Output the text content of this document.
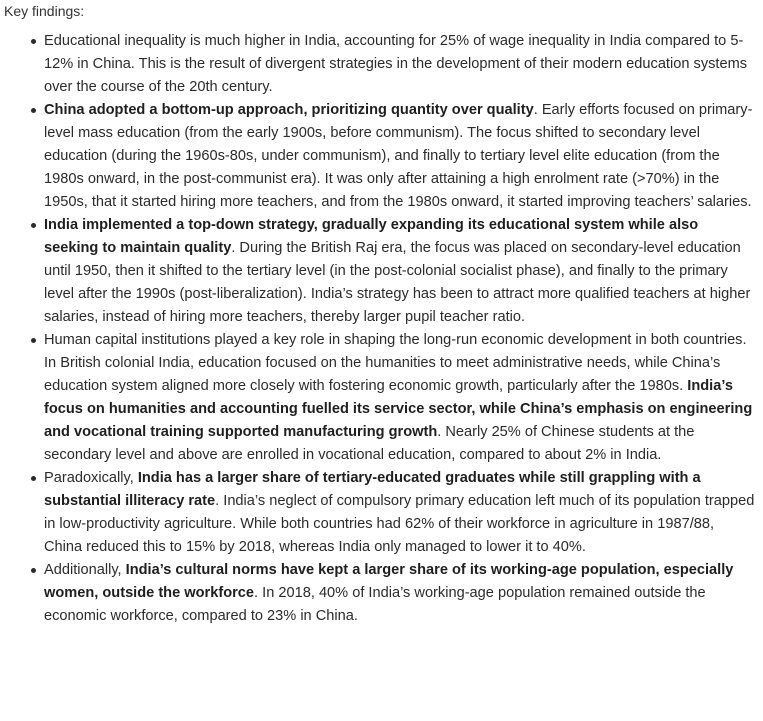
Key findings:

Educational inequality is much higher in India, accounting for 25% of wage inequality in India compared to 5-12% in China. This is the result of divergent strategies in the development of their modern education systems over the course of the 20th century.
China adopted a bottom-up approach, prioritizing quantity over quality. Early efforts focused on primary-level mass education (from the early 1900s, before communism). The focus shifted to secondary level education (during the 1960s-80s, under communism), and finally to tertiary level elite education (from the 1980s onward, in the post-communist era). It was only after attaining a high enrolment rate (>70%) in the 1950s, that it started hiring more teachers, and from the 1980s onward, it started improving teachers’ salaries.
India implemented a top-down strategy, gradually expanding its educational system while also seeking to maintain quality. During the British Raj era, the focus was placed on secondary-level education until 1950, then it shifted to the tertiary level (in the post-colonial socialist phase), and finally to the primary level after the 1990s (post-liberalization). India’s strategy has been to attract more qualified teachers at higher salaries, instead of hiring more teachers, thereby larger pupil teacher ratio.
Human capital institutions played a key role in shaping the long-run economic development in both countries. In British colonial India, education focused on the humanities to meet administrative needs, while China’s education system aligned more closely with fostering economic growth, particularly after the 1980s. India’s focus on humanities and accounting fuelled its service sector, while China’s emphasis on engineering and vocational training supported manufacturing growth. Nearly 25% of Chinese students at the secondary level and above are enrolled in vocational education, compared to about 2% in India.
Paradoxically, India has a larger share of tertiary-educated graduates while still grappling with a substantial illiteracy rate. India’s neglect of compulsory primary education left much of its population trapped in low-productivity agriculture. While both countries had 62% of their workforce in agriculture in 1987/88, China reduced this to 15% by 2018, whereas India only managed to lower it to 40%.
Additionally, India’s cultural norms have kept a larger share of its working-age population, especially women, outside the workforce. In 2018, 40% of India’s working-age population remained outside the economic workforce, compared to 23% in China.
